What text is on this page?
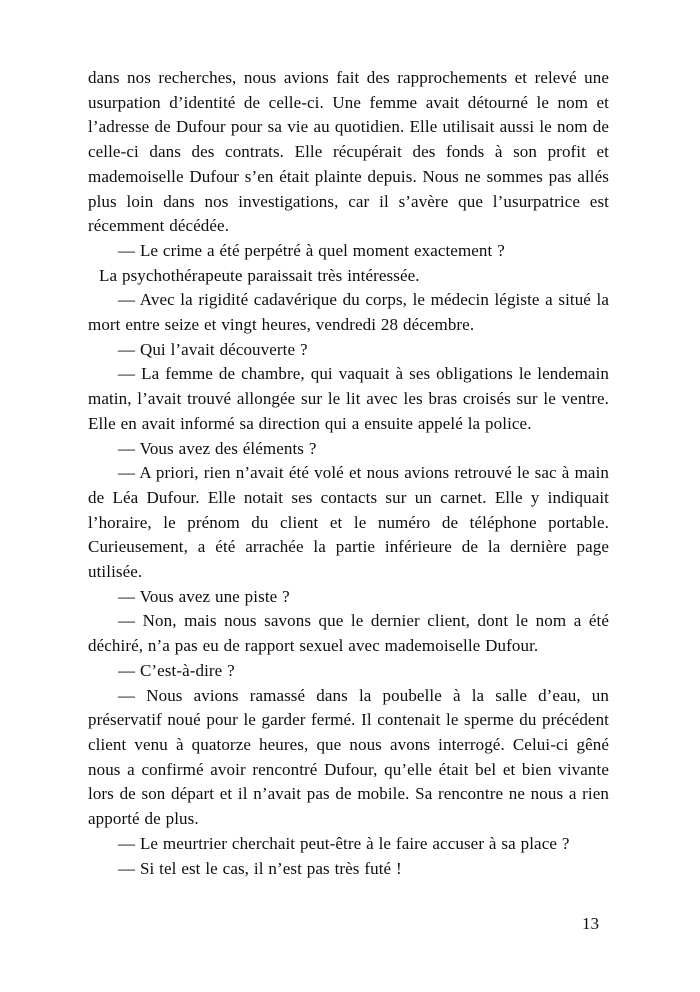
dans nos recherches, nous avions fait des rapprochements et relevé une usurpation d’identité de celle-ci. Une femme avait détourné le nom et l’adresse de Dufour pour sa vie au quotidien. Elle utilisait aussi le nom de celle-ci dans des contrats. Elle récupérait des fonds à son profit et mademoiselle Dufour s’en était plainte depuis. Nous ne sommes pas allés plus loin dans nos investigations, car il s’avère que l’usurpatrice est récemment décédée.

— Le crime a été perpétré à quel moment exactement ?

La psychothérapeute paraissait très intéressée.

— Avec la rigidité cadavérique du corps, le médecin légiste a situé la mort entre seize et vingt heures, vendredi 28 décembre.

— Qui l’avait découverte ?

— La femme de chambre, qui vaquait à ses obligations le lendemain matin, l’avait trouvé allongée sur le lit avec les bras croisés sur le ventre. Elle en avait informé sa direction qui a ensuite appelé la police.

— Vous avez des éléments ?

— A priori, rien n’avait été volé et nous avions retrouvé le sac à main de Léa Dufour. Elle notait ses contacts sur un carnet. Elle y indiquait l’horaire, le prénom du client et le numéro de téléphone portable. Curieusement, a été arrachée la partie inférieure de la dernière page utilisée.

— Vous avez une piste ?

— Non, mais nous savons que le dernier client, dont le nom a été déchiré, n’a pas eu de rapport sexuel avec mademoiselle Dufour.

— C’est-à-dire ?

— Nous avions ramassé dans la poubelle à la salle d’eau, un préservatif noué pour le garder fermé. Il contenait le sperme du précédent client venu à quatorze heures, que nous avons interrogé. Celui-ci gêné nous a confirmé avoir rencontré Dufour, qu’elle était bel et bien vivante lors de son départ et il n’avait pas de mobile. Sa rencontre ne nous a rien apporté de plus.

— Le meurtrier cherchait peut-être à le faire accuser à sa place ?

— Si tel est le cas, il n’est pas très futé !

13
